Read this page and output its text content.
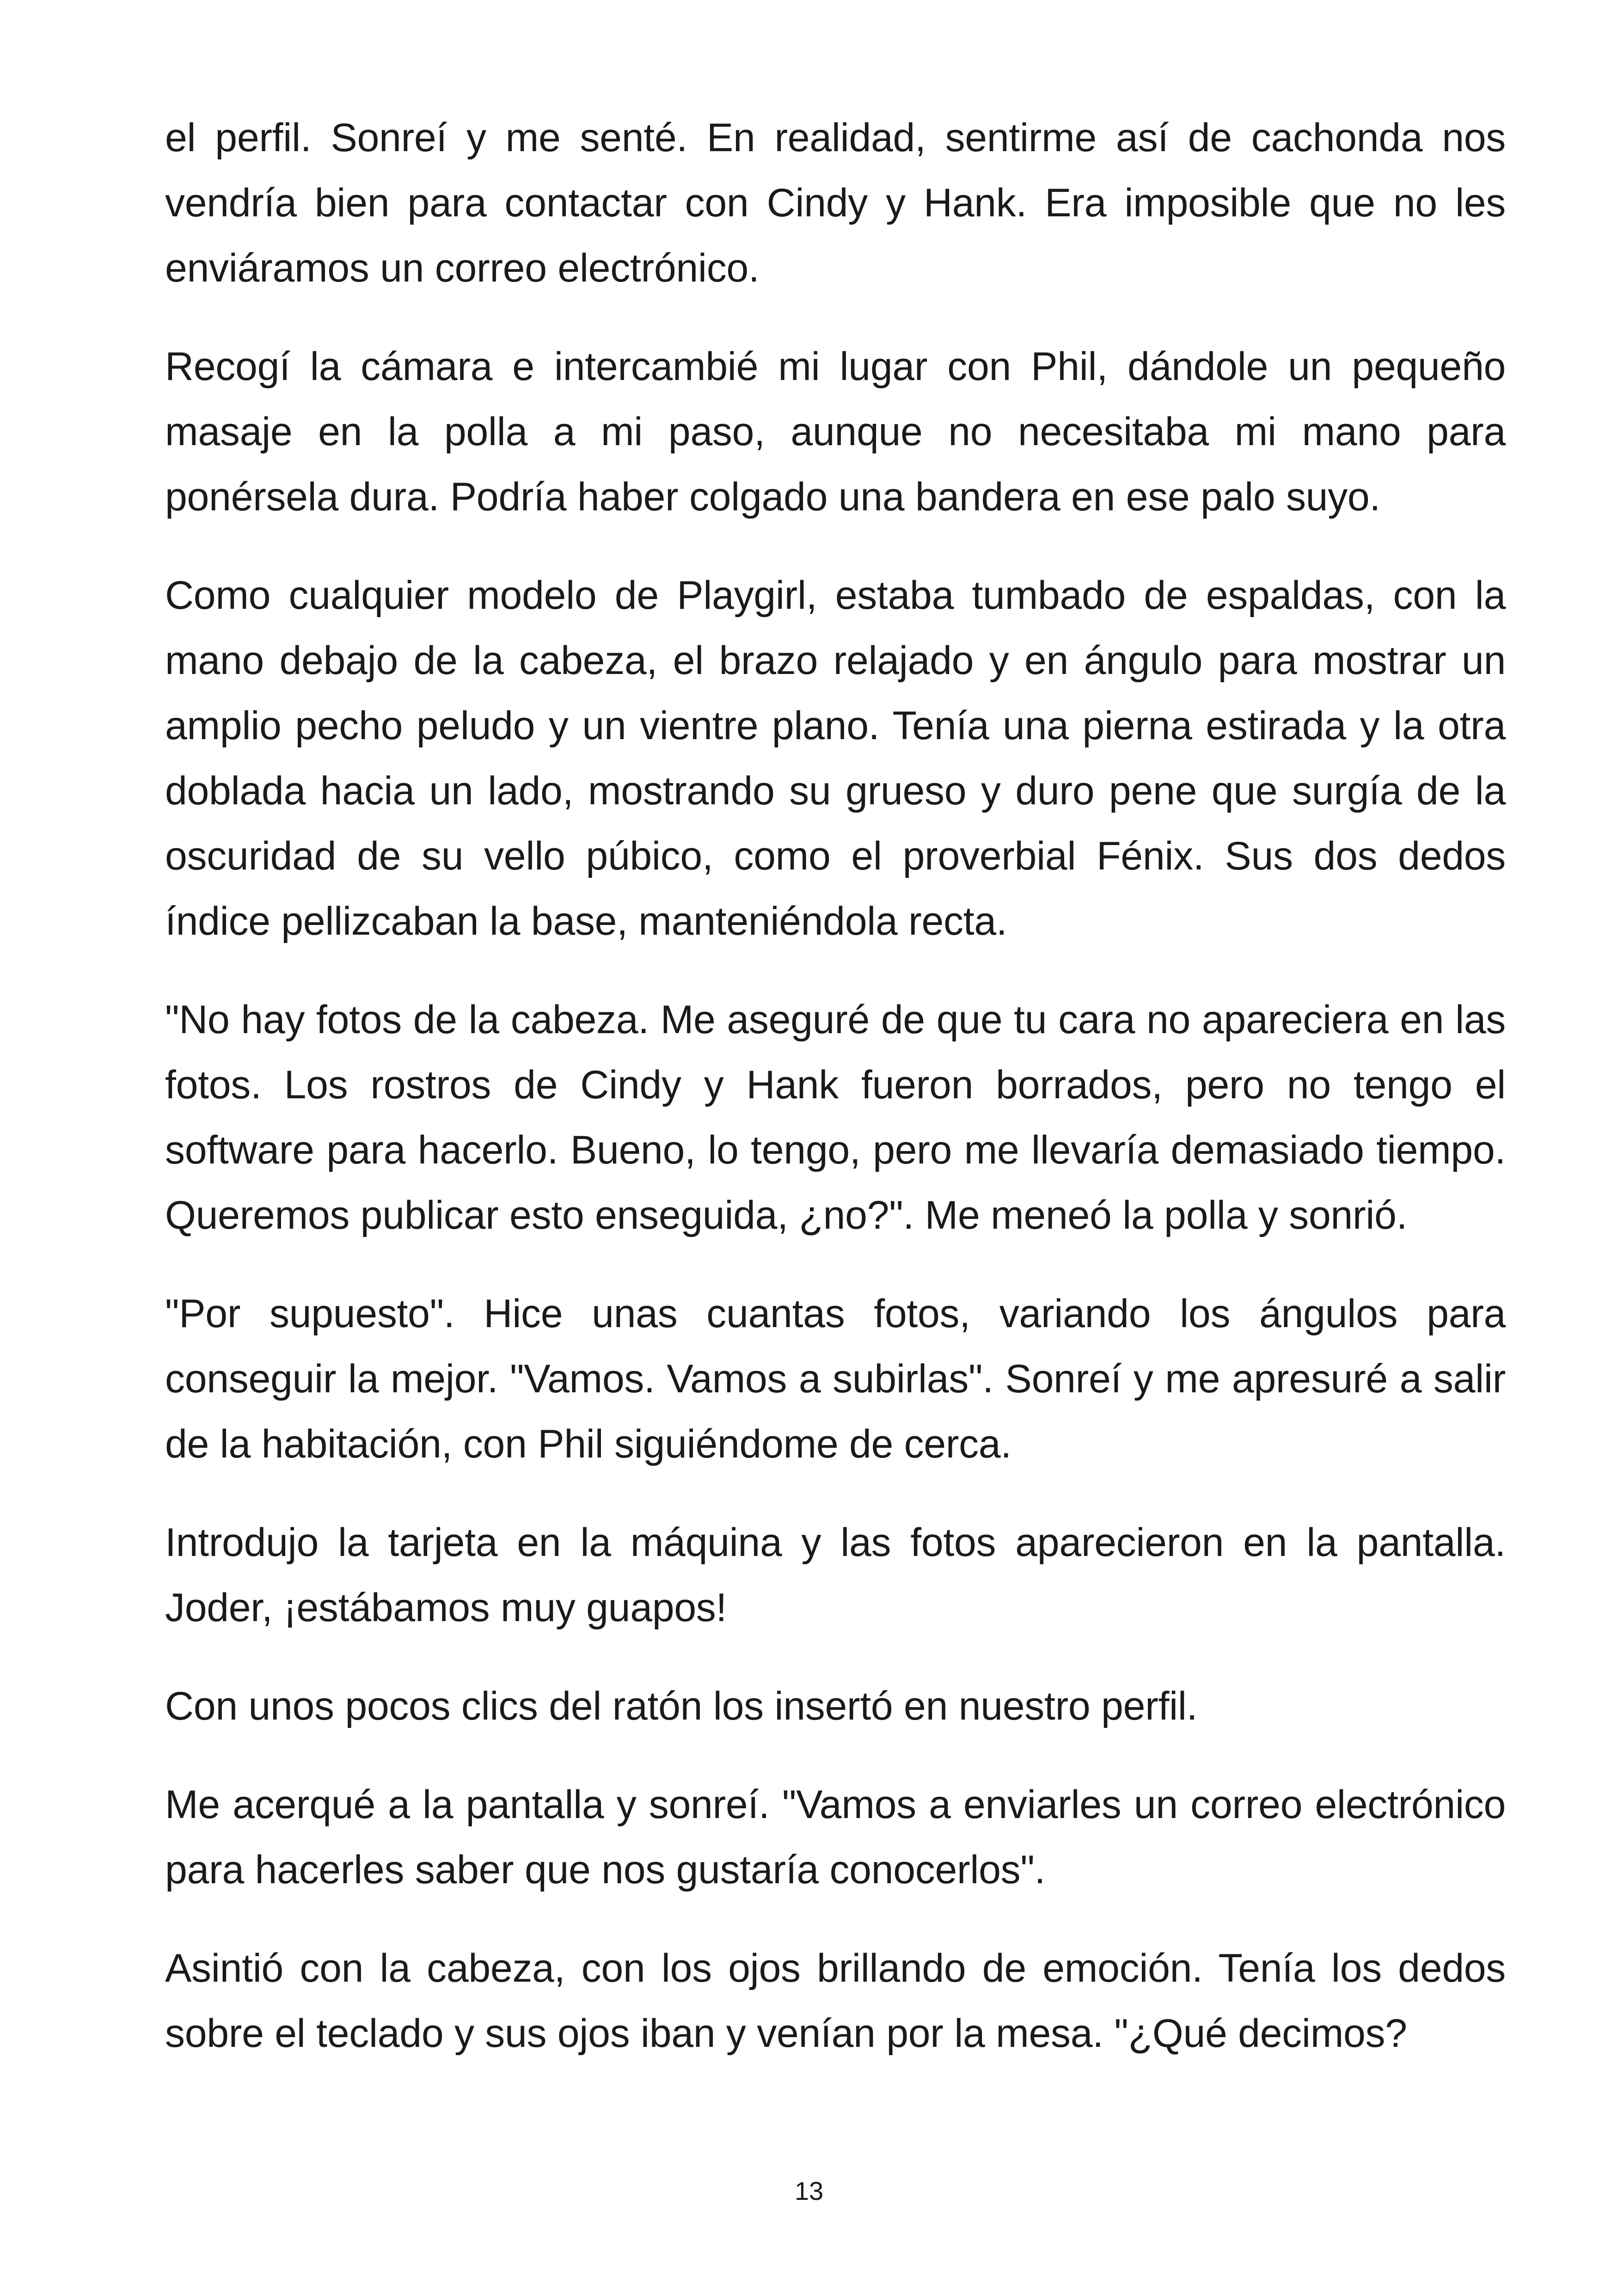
el perfil. Sonreí y me senté. En realidad, sentirme así de cachonda nos vendría bien para contactar con Cindy y Hank. Era imposible que no les enviáramos un correo electrónico.

Recogí la cámara e intercambié mi lugar con Phil, dándole un pequeño masaje en la polla a mi paso, aunque no necesitaba mi mano para ponérsela dura. Podría haber colgado una bandera en ese palo suyo.

Como cualquier modelo de Playgirl, estaba tumbado de espaldas, con la mano debajo de la cabeza, el brazo relajado y en ángulo para mostrar un amplio pecho peludo y un vientre plano. Tenía una pierna estirada y la otra doblada hacia un lado, mostrando su grueso y duro pene que surgía de la oscuridad de su vello púbico, como el proverbial Fénix. Sus dos dedos índice pellizcaban la base, manteniéndola recta.

"No hay fotos de la cabeza. Me aseguré de que tu cara no apareciera en las fotos. Los rostros de Cindy y Hank fueron borrados, pero no tengo el software para hacerlo. Bueno, lo tengo, pero me llevaría demasiado tiempo. Queremos publicar esto enseguida, ¿no?". Me meneó la polla y sonrió.

"Por supuesto". Hice unas cuantas fotos, variando los ángulos para conseguir la mejor. "Vamos. Vamos a subirlas". Sonreí y me apresuré a salir de la habitación, con Phil siguiéndome de cerca.

Introdujo la tarjeta en la máquina y las fotos aparecieron en la pantalla. Joder, ¡estábamos muy guapos!

Con unos pocos clics del ratón los insertó en nuestro perfil.

Me acerqué a la pantalla y sonreí. "Vamos a enviarles un correo electrónico para hacerles saber que nos gustaría conocerlos".

Asintió con la cabeza, con los ojos brillando de emoción. Tenía los dedos sobre el teclado y sus ojos iban y venían por la mesa. "¿Qué decimos?

13
